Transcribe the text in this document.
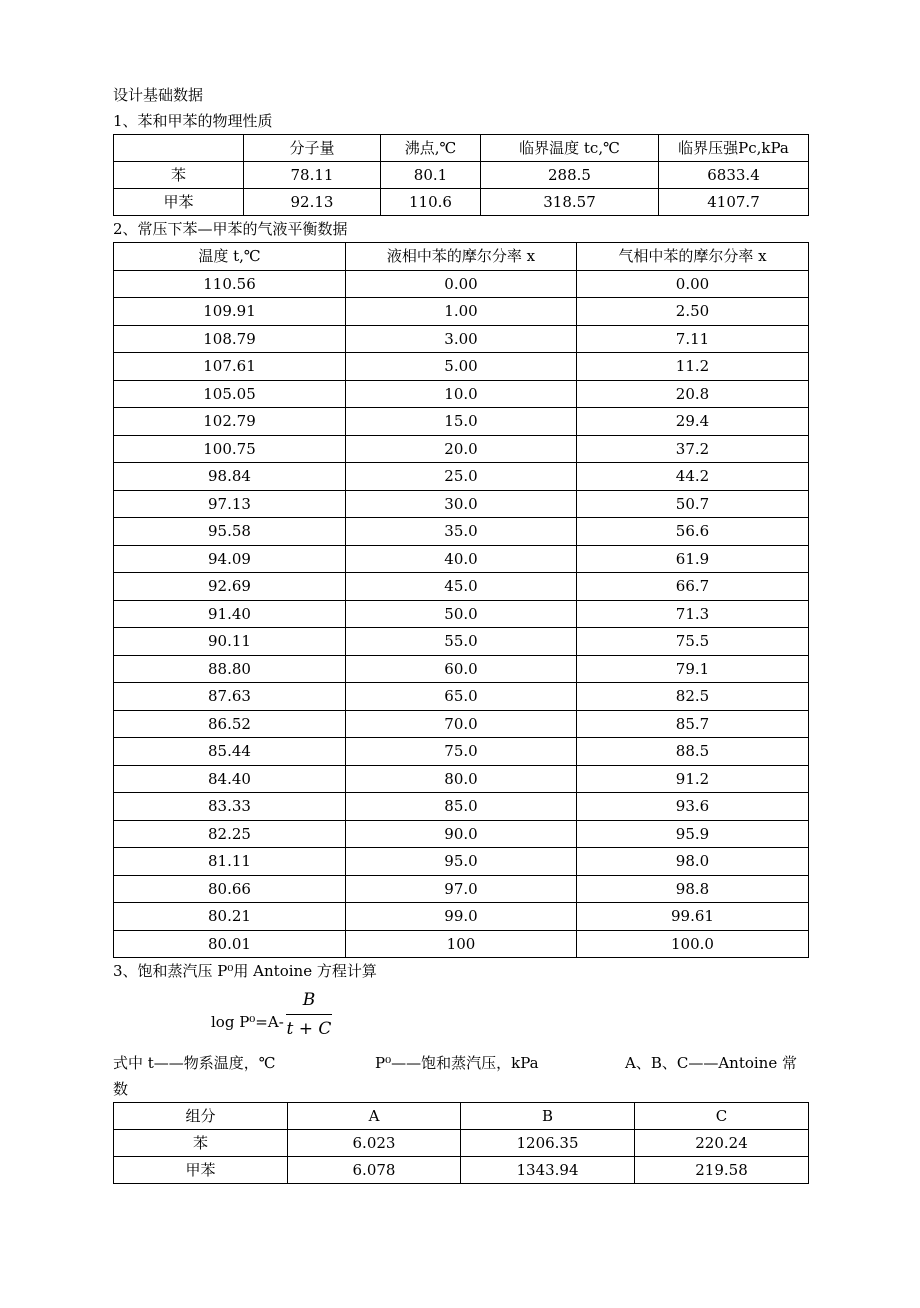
设计基础数据
1、苯和甲苯的物理性质
	分子量	沸点,℃	临界温度 tc,℃	临界压强Pc,kPa
苯	78.11	80.1	288.5	6833.4
甲苯	92.13	110.6	318.57	4107.7
2、常压下苯—甲苯的气液平衡数据
温度 t,℃	液相中苯的摩尔分率 x	气相中苯的摩尔分率 x
110.56	0.00	0.00
109.91	1.00	2.50
108.79	3.00	7.11
107.61	5.00	11.2
105.05	10.0	20.8
102.79	15.0	29.4
100.75	20.0	37.2
98.84	25.0	44.2
97.13	30.0	50.7
95.58	35.0	56.6
94.09	40.0	61.9
92.69	45.0	66.7
91.40	50.0	71.3
90.11	55.0	75.5
88.80	60.0	79.1
87.63	65.0	82.5
86.52	70.0	85.7
85.44	75.0	88.5
84.40	80.0	91.2
83.33	85.0	93.6
82.25	90.0	95.9
81.11	95.0	98.0
80.66	97.0	98.8
80.21	99.0	99.61
80.01	100	100.0
3、饱和蒸汽压 P⁰用 Antoine 方程计算
$\log P^0=A- \frac{B}{t + C}$
式中 t——物系温度，℃	P⁰——饱和蒸汽压，kPa	A、B、C——Antoine 常
数
组分	A	B	C
苯	6.023	1206.35	220.24
甲苯	6.078	1343.94	219.58
